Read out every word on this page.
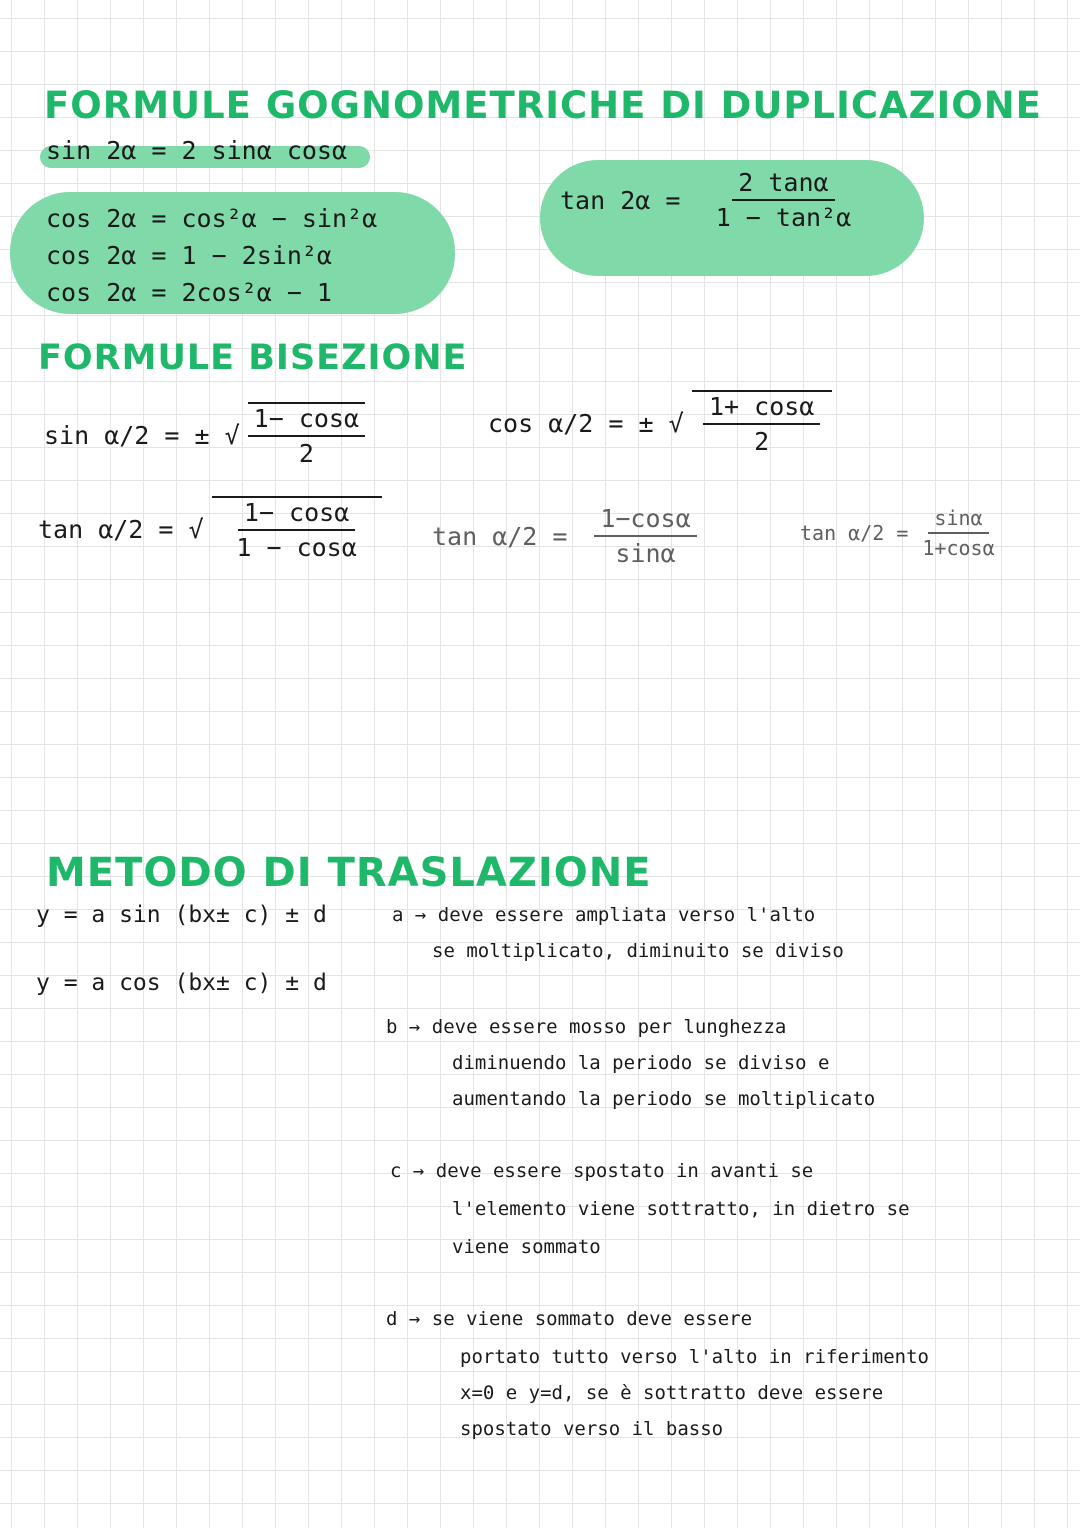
FORMULE GOGNOMETRICHE DI DUPLICAZIONE
sin 2α = 2 sinα cosα
cos 2α = cos²α − sin²α
cos 2α = 1 − 2sin²α
cos 2α = 2cos²α − 1
$\tan 2\alpha = \frac{2 \tan\alpha}{\text{1 − tan²α}}$
FORMULE BISEZIONE
sin α/2 = ± √ $\frac{1- \cos\alpha}{2}$	cos α/2 = ± √ $\frac{1+ \cos\alpha}{2}$
tan α/2 = √ $\frac{1- \cos\alpha}{1 - \cos\alpha}$ $\tan \alpha/2 = \frac{1-\cos\alpha}{\sin\alpha}$	$\tan \alpha/2 = \frac{\sin\alpha}{1+\cos\alpha}$
METODO DI TRASLAZIONE
y = a sin (bx± c) ± d
y = a cos (bx± c) ± d
a → deve essere ampliata verso l'alto
se moltiplicato, diminuito se diviso
b → deve essere mosso per lunghezza
diminuendo la periodo se diviso e
aumentando la periodo se moltiplicato
c → deve essere spostato in avanti se
l'elemento viene sottratto, in dietro se
viene sommato
d → se viene sommato deve essere
portato tutto verso l'alto in riferimento
x=0 e y=d, se è sottratto deve essere
spostato verso il basso
